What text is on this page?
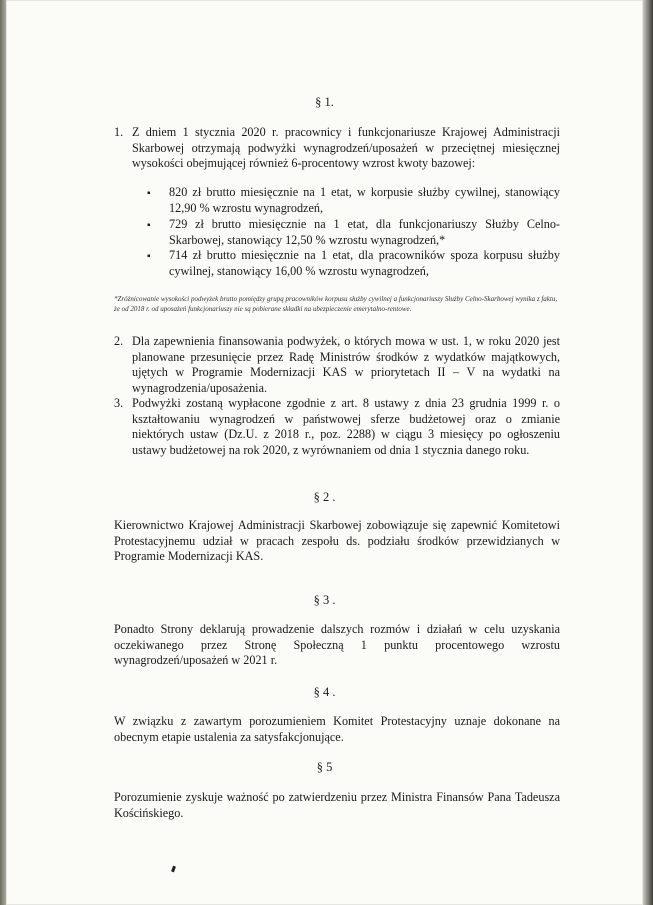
§ 1.
1. Z dniem 1 stycznia 2020 r. pracownicy i funkcjonariusze Krajowej Administracji Skarbowej otrzymają podwyżki wynagrodzeń/uposażeń w przeciętnej miesięcznej wysokości obejmującej również 6-procentowy wzrost kwoty bazowej:
▪ 820 zł brutto miesięcznie na 1 etat, w korpusie służby cywilnej, stanowiący 12,90 % wzrostu wynagrodzeń,
▪ 729 zł brutto miesięcznie na 1 etat, dla funkcjonariuszy Służby Celno-Skarbowej, stanowiący 12,50 % wzrostu wynagrodzeń,*
▪ 714 zł brutto miesięcznie na 1 etat, dla pracowników spoza korpusu służby cywilnej, stanowiący 16,00 % wzrostu wynagrodzeń,
*Zróżnicowanie wysokości podwyżek brutto pomiędzy grupą pracowników korpusu służby cywilnej a funkcjonariuszy Służby Celno-Skarbowej wynika z faktu, że od 2018 r. od uposażeń funkcjonariuszy nie są pobierane składki na ubezpieczenie emerytalno-rentowe.
2. Dla zapewnienia finansowania podwyżek, o których mowa w ust. 1, w roku 2020 jest planowane przesunięcie przez Radę Ministrów środków z wydatków majątkowych, ujętych w Programie Modernizacji KAS w priorytetach II – V na wydatki na wynagrodzenia/uposażenia.
3. Podwyżki zostaną wypłacone zgodnie z art. 8 ustawy z dnia 23 grudnia 1999 r. o kształtowaniu wynagrodzeń w państwowej sferze budżetowej oraz o zmianie niektórych ustaw (Dz.U. z 2018 r., poz. 2288) w ciągu 3 miesięcy po ogłoszeniu ustawy budżetowej na rok 2020, z wyrównaniem od dnia 1 stycznia danego roku.
§ 2 .
Kierownictwo Krajowej Administracji Skarbowej zobowiązuje się zapewnić Komitetowi Protestacyjnemu udział w pracach zespołu ds. podziału środków przewidzianych w Programie Modernizacji KAS.
§ 3 .
Ponadto Strony deklarują prowadzenie dalszych rozmów i działań w celu uzyskania oczekiwanego przez Stronę Społeczną 1 punktu procentowego wzrostu wynagrodzeń/uposażeń w 2021 r.
§ 4 .
W związku z zawartym porozumieniem Komitet Protestacyjny uznaje dokonane na obecnym etapie ustalenia za satysfakcjonujące.
§ 5
Porozumienie zyskuje ważność po zatwierdzeniu przez Ministra Finansów Pana Tadeusza Kościńskiego.
